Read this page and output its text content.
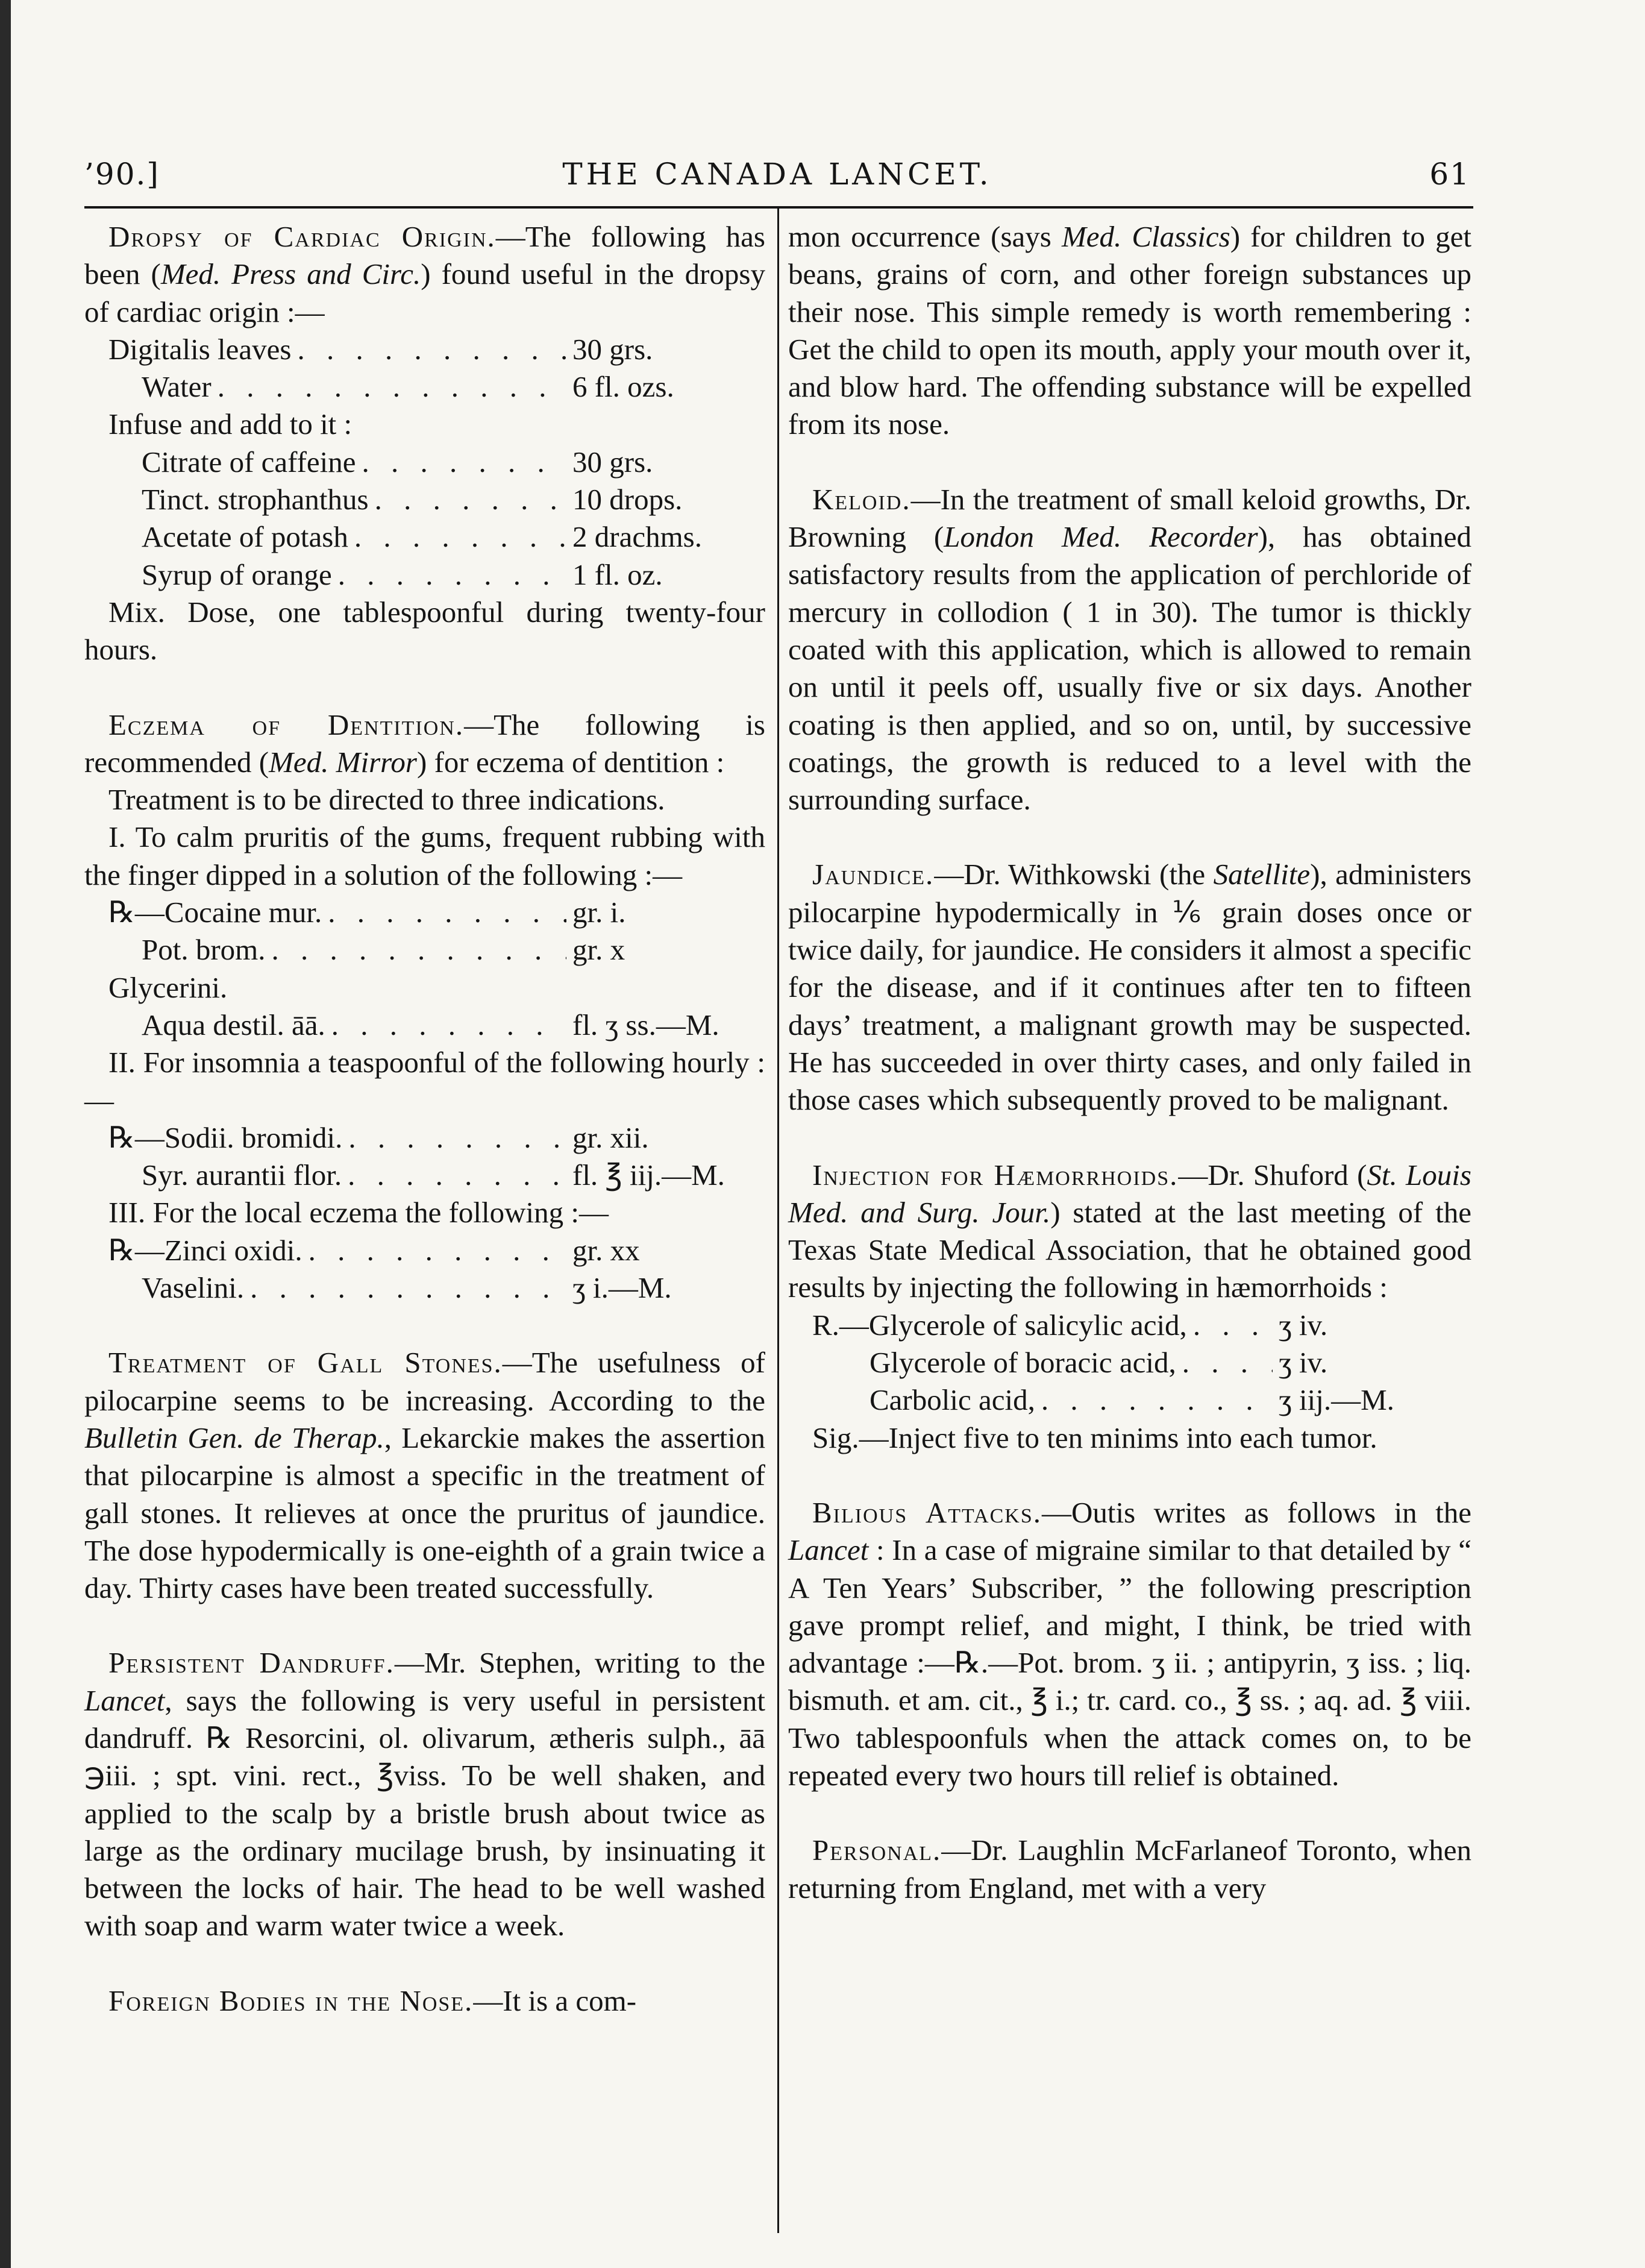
’90.]	THE CANADA LANCET.	61

Dropsy of Cardiac Origin.—The following has been (Med. Press and Circ.) found useful in the dropsy of cardiac origin :—

Digitalis leaves . . .	30 grs.
Water . . .	6 fl. ozs.
Infuse and add to it :
Citrate of caffeine . . .	30 grs.
Tinct. strophanthus . . .	10 drops.
Acetate of potash . . .	2 drachms.
Syrup of orange . . .	1 fl. oz.

Mix. Dose, one tablespoonful during twenty-four hours.

Eczema of Dentition.—The following is recommended (Med. Mirror) for eczema of dentition :

Treatment is to be directed to three indications.

I. To calm pruritis of the gums, frequent rubbing with the finger dipped in a solution of the following :—

℞—Cocaine mur. . . .	gr. i.
Pot. brom. . . .	gr. x
Glycerini.
Aqua destil. āā. . . .	fl. ʒ ss.—M.

II. For insomnia a teaspoonful of the following hourly :—

℞—Sodii. bromidi. . . .	gr. xii.
Syr. aurantii flor. . . .	fl. ℥ iij.—M.

III. For the local eczema the following :—

℞—Zinci oxidi. . . .	gr. xx
Vaselini. . . .	ʒ i.—M.

Treatment of Gall Stones.—The usefulness of pilocarpine seems to be increasing. According to the Bulletin Gen. de Therap., Lekarckie makes the assertion that pilocarpine is almost a specific in the treatment of gall stones. It relieves at once the pruritus of jaundice. The dose hypodermically is one-eighth of a grain twice a day. Thirty cases have been treated successfully.

Persistent Dandruff.—Mr. Stephen, writing to the Lancet, says the following is very useful in persistent dandruff. ℞ Resorcini, ol. olivarum, ætheris sulph., āā ℈iii. ; spt. vini. rect., ℥viss. To be well shaken, and applied to the scalp by a bristle brush about twice as large as the ordinary mucilage brush, by insinuating it between the locks of hair. The head to be well washed with soap and warm water twice a week.

Foreign Bodies in the Nose.—It is a com-

mon occurrence (says Med. Classics) for children to get beans, grains of corn, and other foreign substances up their nose. This simple remedy is worth remembering : Get the child to open its mouth, apply your mouth over it, and blow hard. The offending substance will be expelled from its nose.

Keloid.—In the treatment of small keloid growths, Dr. Browning (London Med. Recorder), has obtained satisfactory results from the application of perchloride of mercury in collodion ( 1 in 30). The tumor is thickly coated with this application, which is allowed to remain on until it peels off, usually five or six days. Another coating is then applied, and so on, until, by successive coatings, the growth is reduced to a level with the surrounding surface.

Jaundice.—Dr. Withkowski (the Satellite), administers pilocarpine hypodermically in ⅙ grain doses once or twice daily, for jaundice. He considers it almost a specific for the disease, and if it continues after ten to fifteen days’ treatment, a malignant growth may be suspected. He has succeeded in over thirty cases, and only failed in those cases which subsequently proved to be malignant.

Injection for Hæmorrhoids.—Dr. Shuford (St. Louis Med. and Surg. Jour.) stated at the last meeting of the Texas State Medical Association, that he obtained good results by injecting the following in hæmorrhoids :

R.—Glycerole of salicylic acid, . . .	ʒ iv.
Glycerole of boracic acid, . . .	ʒ iv.
Carbolic acid, . . .	ʒ iij.—M.

Sig.—Inject five to ten minims into each tumor.

Bilious Attacks.—Outis writes as follows in the Lancet : In a case of migraine similar to that detailed by “ A Ten Years’ Subscriber, ” the following prescription gave prompt relief, and might, I think, be tried with advantage :—℞.—Pot. brom. ʒ ii. ; antipyrin, ʒ iss. ; liq. bismuth. et am. cit., ℥ i.; tr. card. co., ℥ ss. ; aq. ad. ℥ viii. Two tablespoonfuls when the attack comes on, to be repeated every two hours till relief is obtained.

Personal.—Dr. Laughlin McFarlaneof Toronto, when returning from England, met with a very
